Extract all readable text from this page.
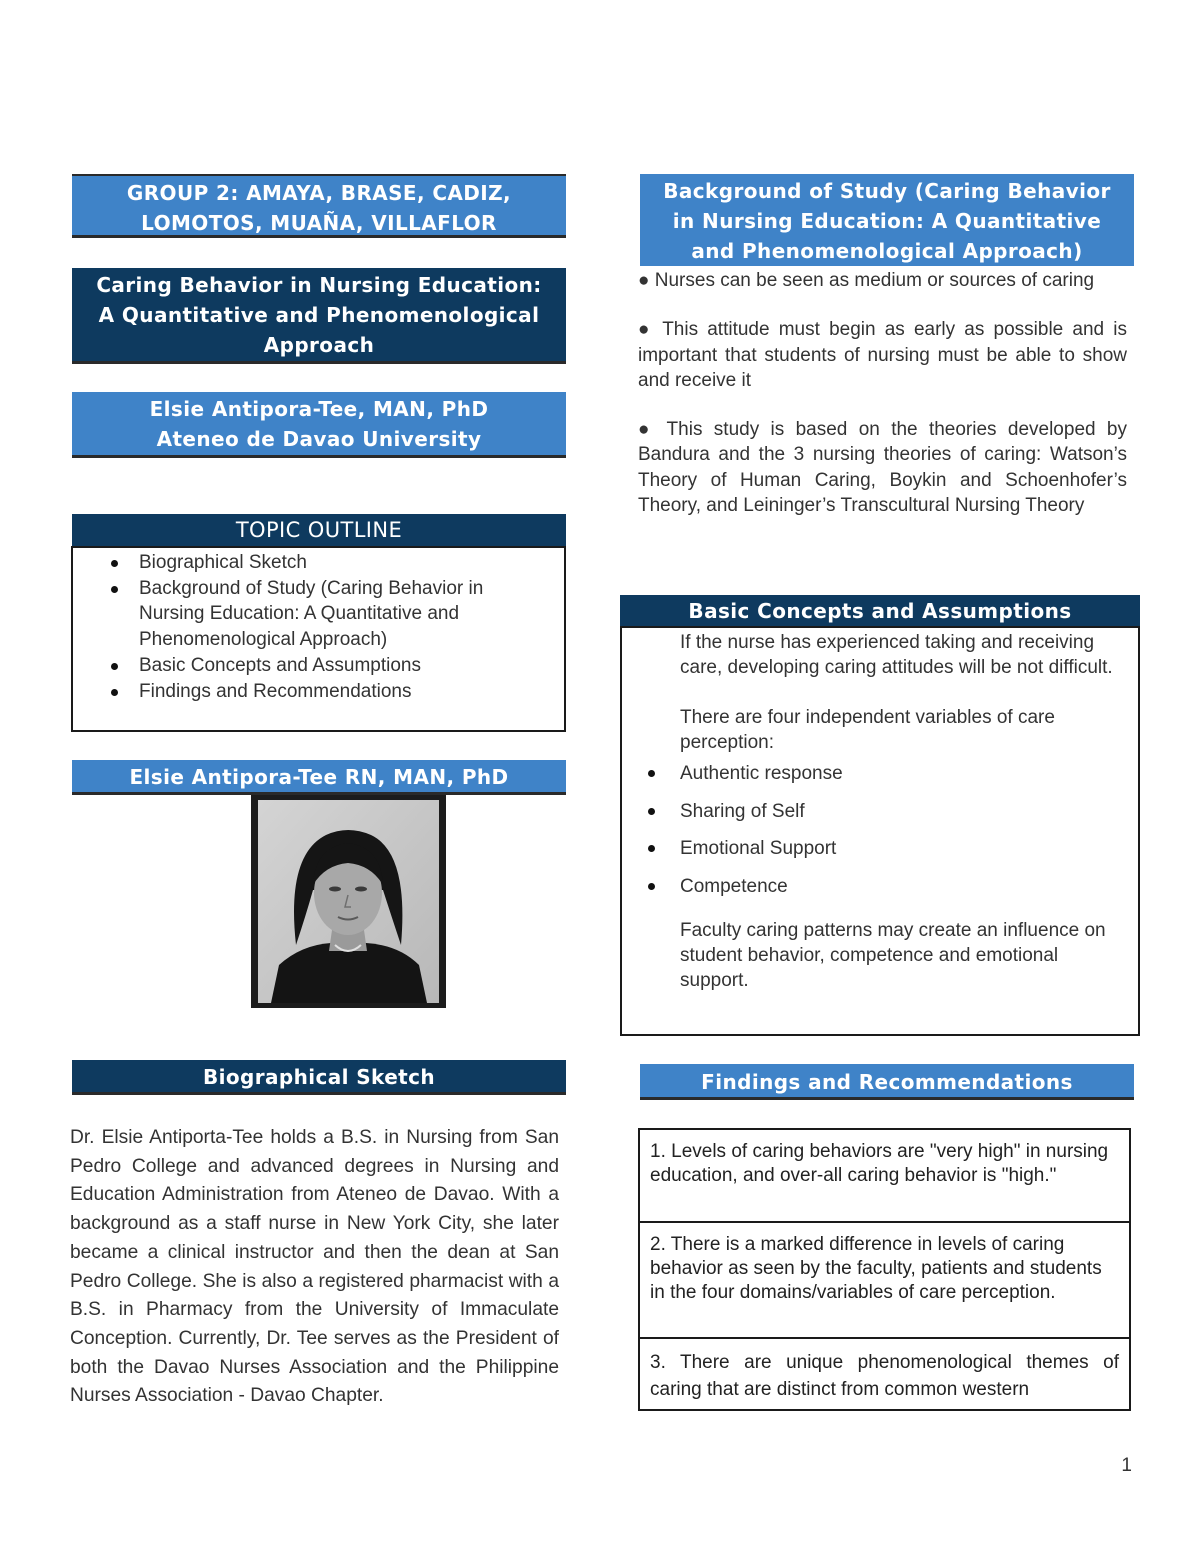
GROUP 2: AMAYA, BRASE, CADIZ,
LOMOTOS, MUAÑA, VILLAFLOR
Caring Behavior in Nursing Education:
A Quantitative and Phenomenological
Approach
Elsie Antipora-Tee, MAN, PhD
Ateneo de Davao University
TOPIC OUTLINE
Biographical Sketch
Background of Study (Caring Behavior in
Nursing Education: A Quantitative and
Phenomenological Approach)
Basic Concepts and Assumptions
Findings and Recommendations
Elsie Antipora-Tee RN, MAN, PhD
Biographical Sketch
Dr. Elsie Antiporta-Tee holds a B.S. in Nursing from San Pedro College and advanced degrees in Nursing and Education Administration from Ateneo de Davao. With a background as a staff nurse in New York City, she later became a clinical instructor and then the dean at San Pedro College. She is also a registered pharmacist with a B.S. in Pharmacy from the University of Immaculate Conception. Currently, Dr. Tee serves as the President of both the Davao Nurses Association and the Philippine Nurses Association - Davao Chapter.
Background of Study (Caring Behavior
in Nursing Education: A Quantitative
and Phenomenological Approach)
● Nurses can be seen as medium or sources of caring
● This attitude must begin as early as possible and is important that students of nursing must be able to show and receive it
● This study is based on the theories developed by Bandura and the 3 nursing theories of caring: Watson’s Theory of Human Caring, Boykin and Schoenhofer’s Theory, and Leininger’s Transcultural Nursing Theory
Basic Concepts and Assumptions
If the nurse has experienced taking and receiving care, developing caring attitudes will be not difficult.
There are four independent variables of care perception:
Authentic response
Sharing of Self
Emotional Support
Competence
Faculty caring patterns may create an influence on student behavior, competence and emotional support.
Findings and Recommendations
1. Levels of caring behaviors are "very high" in nursing education, and over-all caring behavior is "high."
2. There is a marked difference in levels of caring behavior as seen by the faculty, patients and students in the four domains/variables of care perception.
3. There are unique phenomenological themes of caring that are distinct from common western
1
